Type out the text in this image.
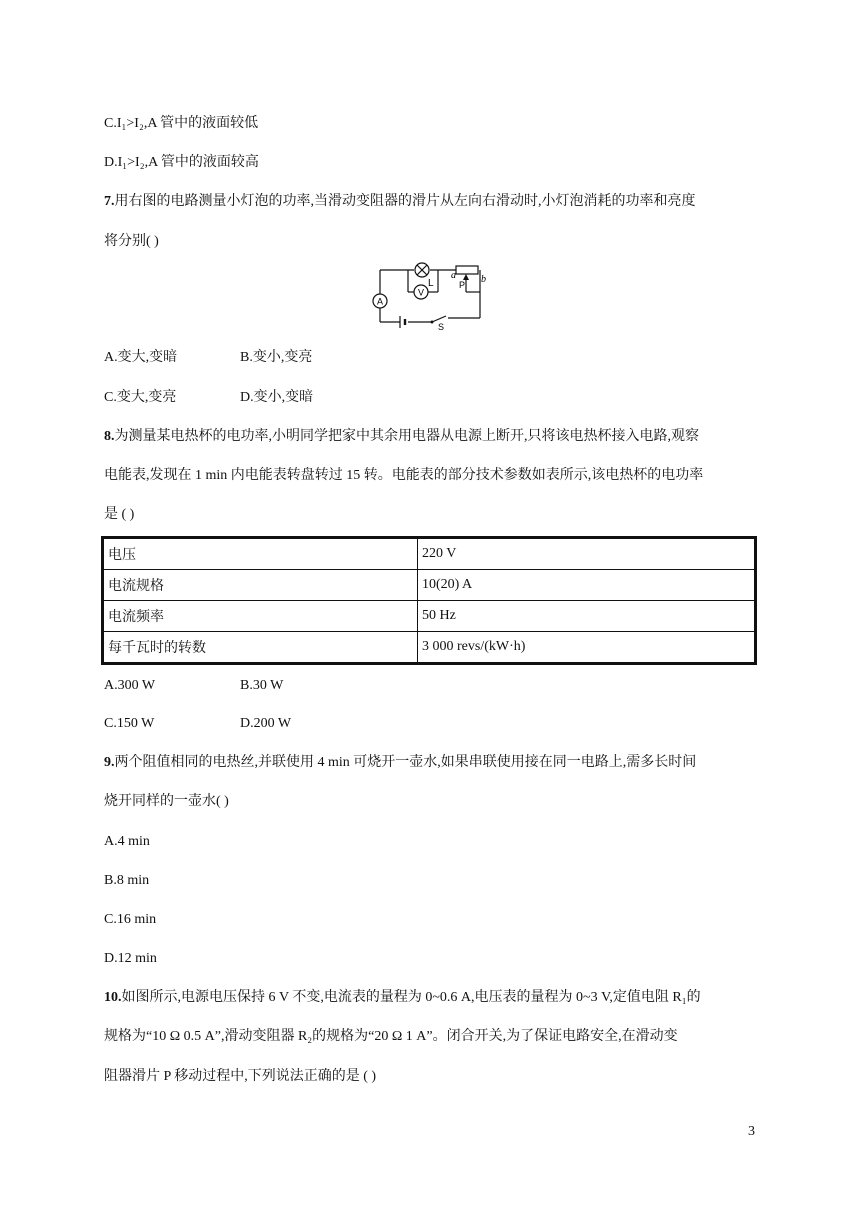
C.I₁>I₂,A 管中的液面较低
D.I₁>I₂,A 管中的液面较高
7.用右图的电路测量小灯泡的功率,当滑动变阻器的滑片从左向右滑动时,小灯泡消耗的功率和亮度
将分别( )
V
A
L
S
P
a	b
A.变大,变暗	B.变小,变亮
C.变大,变亮	D.变小,变暗
8.为测量某电热杯的电功率,小明同学把家中其余用电器从电源上断开,只将该电热杯接入电路,观察
电能表,发现在 1 min 内电能表转盘转过 15 转。电能表的部分技术参数如表所示,该电热杯的电功率
是 ( )
电压	220 V
电流规格	10(20) A
电流频率	50 Hz
每千瓦时的转数	3 000 revs/(kW·h)
A.300 W	B.30 W
C.150 W	D.200 W
9.两个阻值相同的电热丝,并联使用 4 min 可烧开一壶水,如果串联使用接在同一电路上,需多长时间
烧开同样的一壶水( )
A.4 min
B.8 min
C.16 min
D.12 min
10.如图所示,电源电压保持 6 V 不变,电流表的量程为 0~0.6 A,电压表的量程为 0~3 V,定值电阻 R₁的
规格为“10 Ω 0.5 A”,滑动变阻器 R₂的规格为“20 Ω 1 A”。闭合开关,为了保证电路安全,在滑动变
阻器滑片 P 移动过程中,下列说法正确的是 ( )
3
